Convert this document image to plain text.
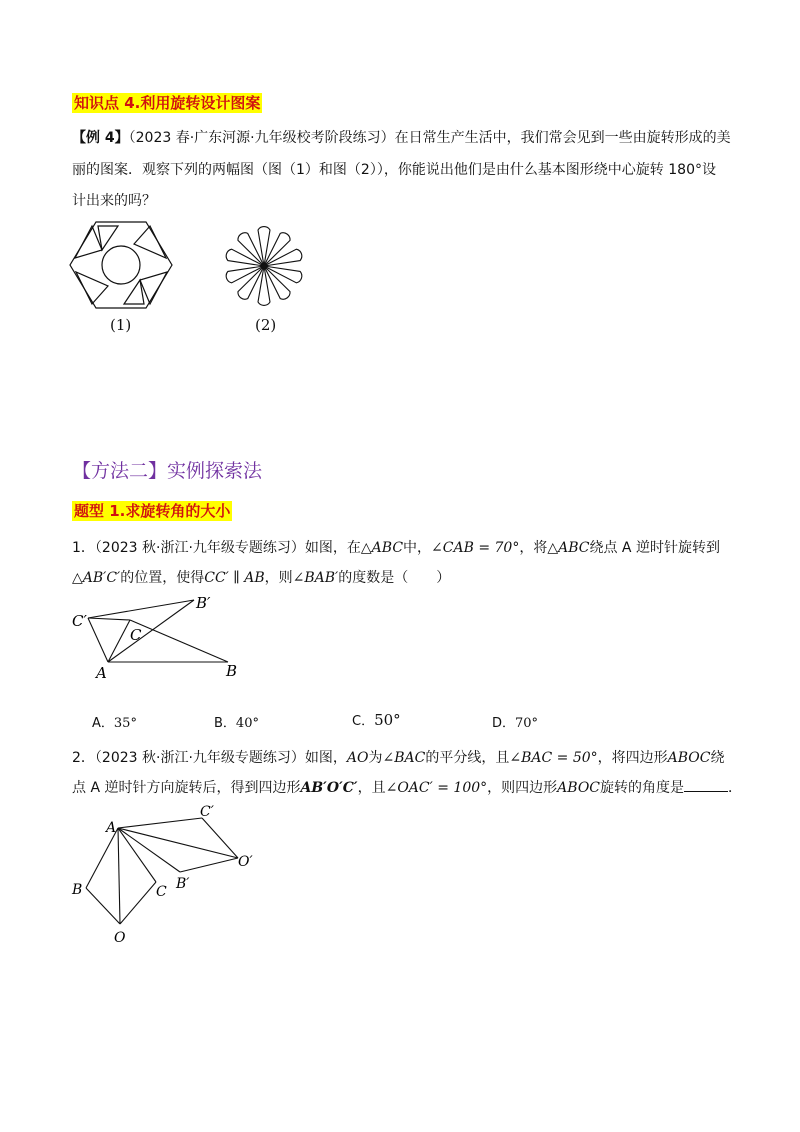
知识点 4.利用旋转设计图案
【例 4】（2023 春·广东河源·九年级校考阶段练习）在日常生产生活中，我们常会见到一些由旋转形成的美
丽的图案．观察下列的两幅图（图（1）和图（2）），你能说出他们是由什么基本图形绕中心旋转 180°设
计出来的吗？
(1)	(2)
【方法二】实例探索法
题型 1.求旋转角的大小
1．（2023 秋·浙江·九年级专题练习）如图，在△ABC中，∠CAB = 70°，将△ABC绕点 A 逆时针旋转到
△AB′C′的位置，使得CC′ ∥ AB，则∠BAB′的度数是（　　）
C′
B′
C
A	B
A．35°	B．40°	C．50°	D．70°
2．（2023 秋·浙江·九年级专题练习）如图，AO为∠BAC的平分线，且∠BAC = 50°，将四边形ABOC绕
点 A 逆时针方向旋转后，得到四边形AB′O′C′，且∠OAC′ = 100°，则四边形ABOC旋转的角度是	．
A
B	C
O
B′
C′
O′
